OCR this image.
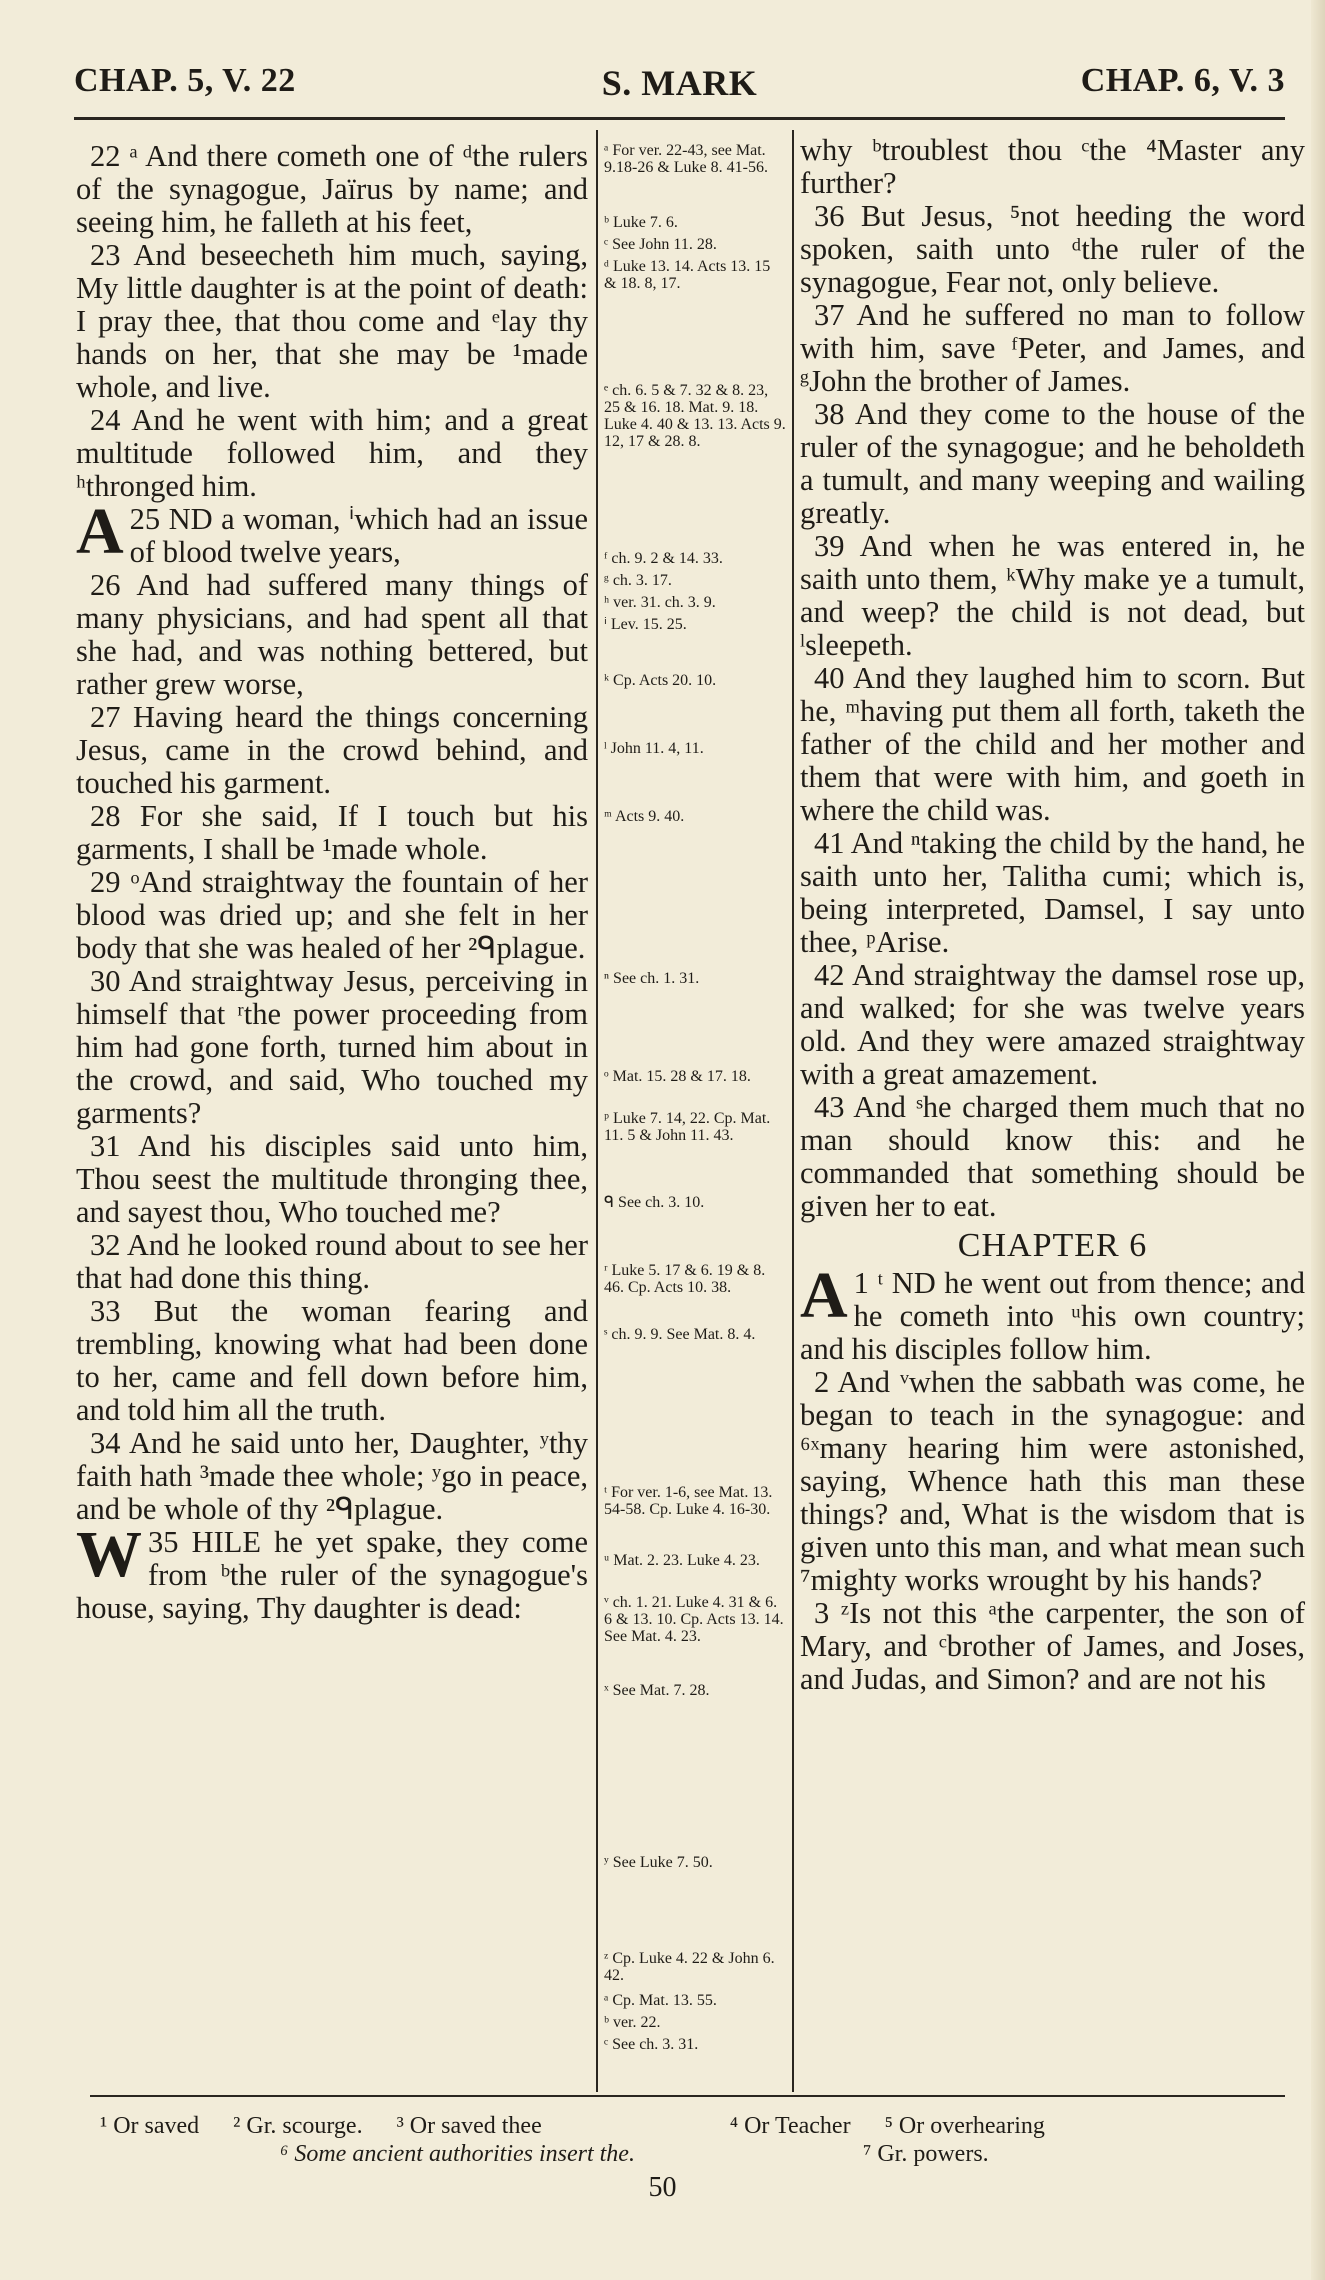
CHAP. 5, V. 22	S. MARK	CHAP. 6, V. 3

22 ᵃ And there cometh one of ᵈthe rulers of the synagogue, Jaïrus by name; and seeing him, he falleth at his feet,

23 And beseecheth him much, saying, My little daughter is at the point of death: I pray thee, that thou come and ᵉlay thy hands on her, that she may be ¹made whole, and live.

24 And he went with him; and a great multitude followed him, and they ʰthronged him.

25
A ND a woman, ⁱwhich had an issue of blood twelve years,

26 And had suffered many things of many physicians, and had spent all that she had, and was nothing bettered, but rather grew worse,

27 Having heard the things concerning Jesus, came in the crowd behind, and touched his garment.

28 For she said, If I touch but his garments, I shall be ¹made whole.

29 ᵒAnd straightway the fountain of her blood was dried up; and she felt in her body that she was healed of her ²ᑫplague.

30 And straightway Jesus, perceiving in himself that ʳthe power proceeding from him had gone forth, turned him about in the crowd, and said, Who touched my garments?

31 And his disciples said unto him, Thou seest the multitude thronging thee, and sayest thou, Who touched me?

32 And he looked round about to see her that had done this thing.

33 But the woman fearing and trembling, knowing what had been done to her, came and fell down before him, and told him all the truth.

34 And he said unto her, Daughter, ʸthy faith hath ³made thee whole; ʸgo in peace, and be whole of thy ²ᑫplague.

35
W HILE he yet spake, they come from ᵇthe ruler of the synagogue's house, saying, Thy daughter is dead:

ᵃ For ver. 22-43, see Mat. 9.18-26 & Luke 8. 41-56.
ᵇ Luke 7. 6.
ᶜ See John 11. 28.
ᵈ Luke 13. 14. Acts 13. 15 & 18. 8, 17.
ᵉ ch. 6. 5 & 7. 32 & 8. 23, 25 & 16. 18. Mat. 9. 18. Luke 4. 40 & 13. 13. Acts 9. 12, 17 & 28. 8.
ᶠ ch. 9. 2 & 14. 33.
ᵍ ch. 3. 17.
ʰ ver. 31. ch. 3. 9.
ⁱ Lev. 15. 25.
ᵏ Cp. Acts 20. 10.
ˡ John 11. 4, 11.
ᵐ Acts 9. 40.
ⁿ See ch. 1. 31.
ᵒ Mat. 15. 28 & 17. 18.
ᵖ Luke 7. 14, 22. Cp. Mat. 11. 5 & John 11. 43.
ᑫ See ch. 3. 10.
ʳ Luke 5. 17 & 6. 19 & 8. 46. Cp. Acts 10. 38.
ˢ ch. 9. 9. See Mat. 8. 4.
ᵗ For ver. 1-6, see Mat. 13. 54-58. Cp. Luke 4. 16-30.
ᵘ Mat. 2. 23. Luke 4. 23.
ᵛ ch. 1. 21. Luke 4. 31 & 6. 6 & 13. 10. Cp. Acts 13. 14. See Mat. 4. 23.
ˣ See Mat. 7. 28.
ʸ See Luke 7. 50.
ᶻ Cp. Luke 4. 22 & John 6. 42.
ᵃ Cp. Mat. 13. 55.
ᵇ ver. 22.
ᶜ See ch. 3. 31.

why ᵇtroublest thou ᶜthe ⁴Master any further?

36 But Jesus, ⁵not heeding the word spoken, saith unto ᵈthe ruler of the synagogue, Fear not, only believe.

37 And he suffered no man to follow with him, save ᶠPeter, and James, and ᵍJohn the brother of James.

38 And they come to the house of the ruler of the synagogue; and he beholdeth a tumult, and many weeping and wailing greatly.

39 And when he was entered in, he saith unto them, ᵏWhy make ye a tumult, and weep? the child is not dead, but ˡsleepeth.

40 And they laughed him to scorn. But he, ᵐhaving put them all forth, taketh the father of the child and her mother and them that were with him, and goeth in where the child was.

41 And ⁿtaking the child by the hand, he saith unto her, Talitha cumi; which is, being interpreted, Damsel, I say unto thee, ᵖArise.

42 And straightway the damsel rose up, and walked; for she was twelve years old. And they were amazed straightway with a great amazement.

43 And ˢhe charged them much that no man should know this: and he commanded that something should be given her to eat.

CHAPTER 6

1 ᵗ
A ND he went out from thence; and he cometh into ᵘhis own country; and his disciples follow him.

2 And ᵛwhen the sabbath was come, he began to teach in the synagogue: and ⁶ˣmany hearing him were astonished, saying, Whence hath this man these things? and, What is the wisdom that is given unto this man, and what mean such ⁷mighty works wrought by his hands?

3 ᶻIs not this ᵃthe carpenter, the son of Mary, and ᶜbrother of James, and Joses, and Judas, and Simon? and are not his

¹ Or saved ² Gr. scourge. ³ Or saved thee	⁴ Or Teacher ⁵ Or overhearing
⁶ Some ancient authorities insert the.	⁷ Gr. powers.
50
